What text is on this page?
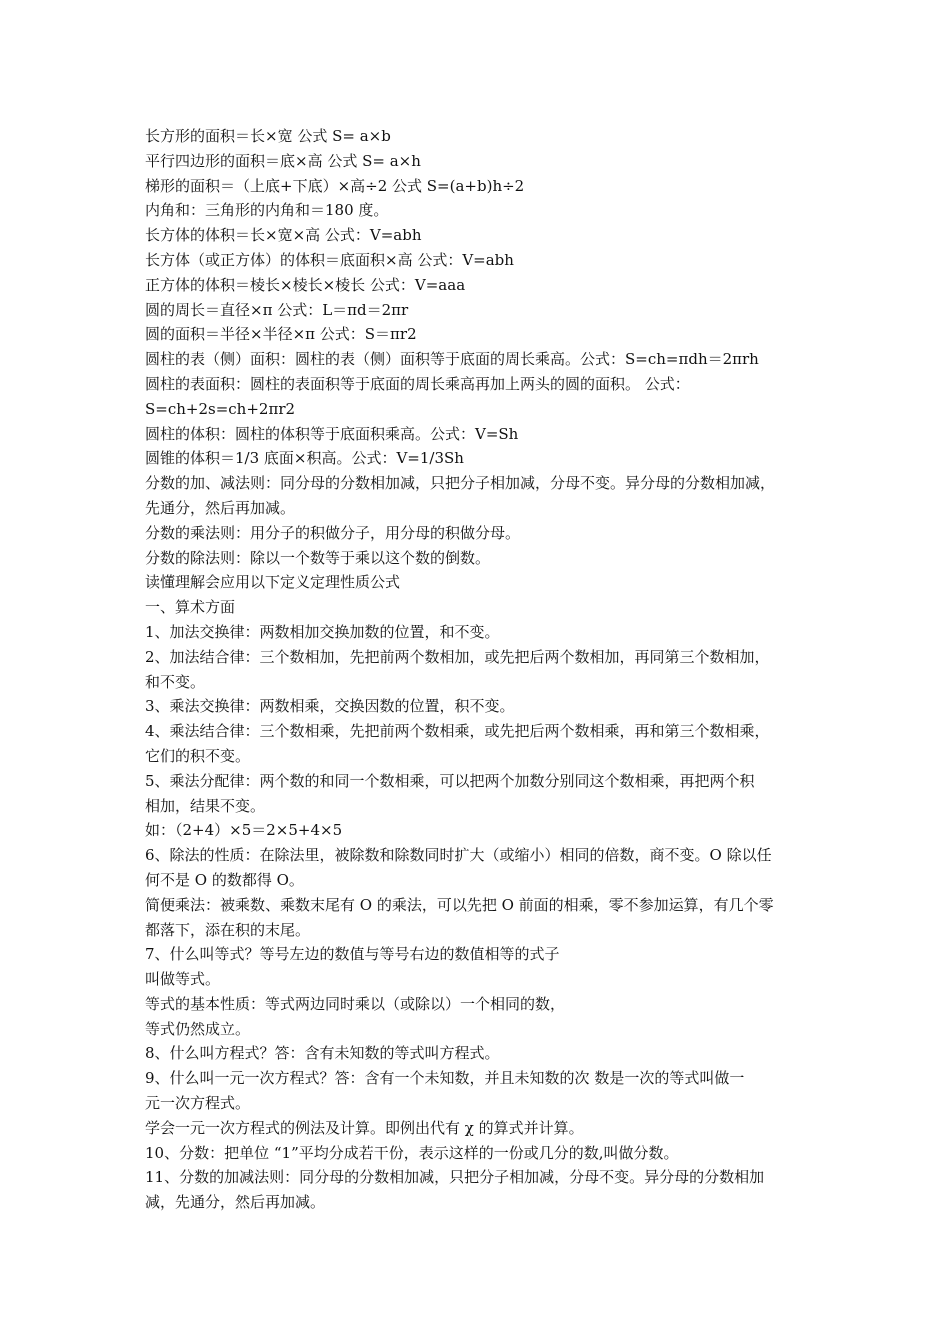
长方形的面积＝长×宽 公式 S= a×b
平行四边形的面积＝底×高 公式 S= a×h
梯形的面积＝（上底+下底）×高÷2 公式 S=(a+b)h÷2
内角和：三角形的内角和＝180 度。
长方体的体积＝长×宽×高 公式：V=abh
长方体（或正方体）的体积＝底面积×高 公式：V=abh
正方体的体积＝棱长×棱长×棱长 公式：V=aaa
圆的周长＝直径×π 公式：L＝πd＝2πr
圆的面积＝半径×半径×π 公式：S＝πr2
圆柱的表（侧）面积：圆柱的表（侧）面积等于底面的周长乘高。公式：S=ch=πdh＝2πrh
圆柱的表面积：圆柱的表面积等于底面的周长乘高再加上两头的圆的面积。 公式：
S=ch+2s=ch+2πr2
圆柱的体积：圆柱的体积等于底面积乘高。公式：V=Sh
圆锥的体积＝1/3 底面×积高。公式：V=1/3Sh
分数的加、减法则：同分母的分数相加减，只把分子相加减，分母不变。异分母的分数相加减，
先通分，然后再加减。
分数的乘法则：用分子的积做分子，用分母的积做分母。
分数的除法则：除以一个数等于乘以这个数的倒数。
读懂理解会应用以下定义定理性质公式
一、算术方面
1、加法交换律：两数相加交换加数的位置，和不变。
2、加法结合律：三个数相加，先把前两个数相加，或先把后两个数相加，再同第三个数相加，
和不变。
3、乘法交换律：两数相乘，交换因数的位置，积不变。
4、乘法结合律：三个数相乘，先把前两个数相乘，或先把后两个数相乘，再和第三个数相乘，
它们的积不变。
5、乘法分配律：两个数的和同一个数相乘，可以把两个加数分别同这个数相乘，再把两个积
相加，结果不变。
如：（2+4）×5＝2×5+4×5
6、除法的性质：在除法里，被除数和除数同时扩大（或缩小）相同的倍数，商不变。O 除以任
何不是 O 的数都得 O。
简便乘法：被乘数、乘数末尾有 O 的乘法，可以先把 O 前面的相乘，零不参加运算，有几个零
都落下，添在积的末尾。
7、什么叫等式？等号左边的数值与等号右边的数值相等的式子
叫做等式。
等式的基本性质：等式两边同时乘以（或除以）一个相同的数，
等式仍然成立。
8、什么叫方程式？答：含有未知数的等式叫方程式。
9、什么叫一元一次方程式？答：含有一个未知数，并且未知数的次 数是一次的等式叫做一
元一次方程式。
学会一元一次方程式的例法及计算。即例出代有 χ 的算式并计算。
10、分数：把单位 “1”平均分成若干份，表示这样的一份或几分的数,叫做分数。
11、分数的加减法则：同分母的分数相加减，只把分子相加减，分母不变。异分母的分数相加
减，先通分，然后再加减。
